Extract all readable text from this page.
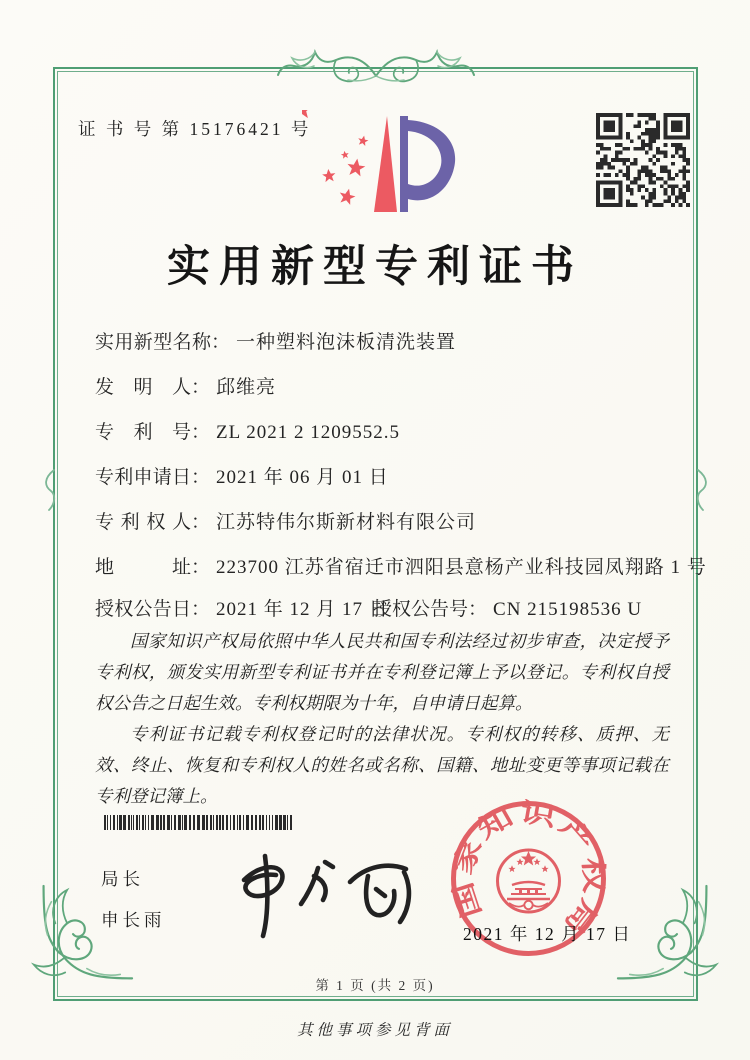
证 书 号 第 15176421 号
实用新型专利证书
实用新型名称： 一种塑料泡沫板清洗装置
发明人： 邱维亮
专利号： ZL 2021 2 1209552.5
专利申请日： 2021 年 06 月 01 日
专利权人： 江苏特伟尔斯新材料有限公司
地址： 223700 江苏省宿迁市泗阳县意杨产业科技园凤翔路 1 号
授权公告日： 2021 年 12 月 17 日
授权公告号： CN 215198536 U

国家知识产权局依照中华人民共和国专利法经过初步审查，决定授予专利权，颁发实用新型专利证书并在专利登记簿上予以登记。专利权自授权公告之日起生效。专利权期限为十年，自申请日起算。

专利证书记载专利权登记时的法律状况。专利权的转移、质押、无效、终止、恢复和专利权人的姓名或名称、国籍、地址变更等事项记载在专利登记簿上。

局长
申长雨	国家知识产权局
2021 年 12 月 17 日
第 1 页 (共 2 页)
其他事项参见背面
